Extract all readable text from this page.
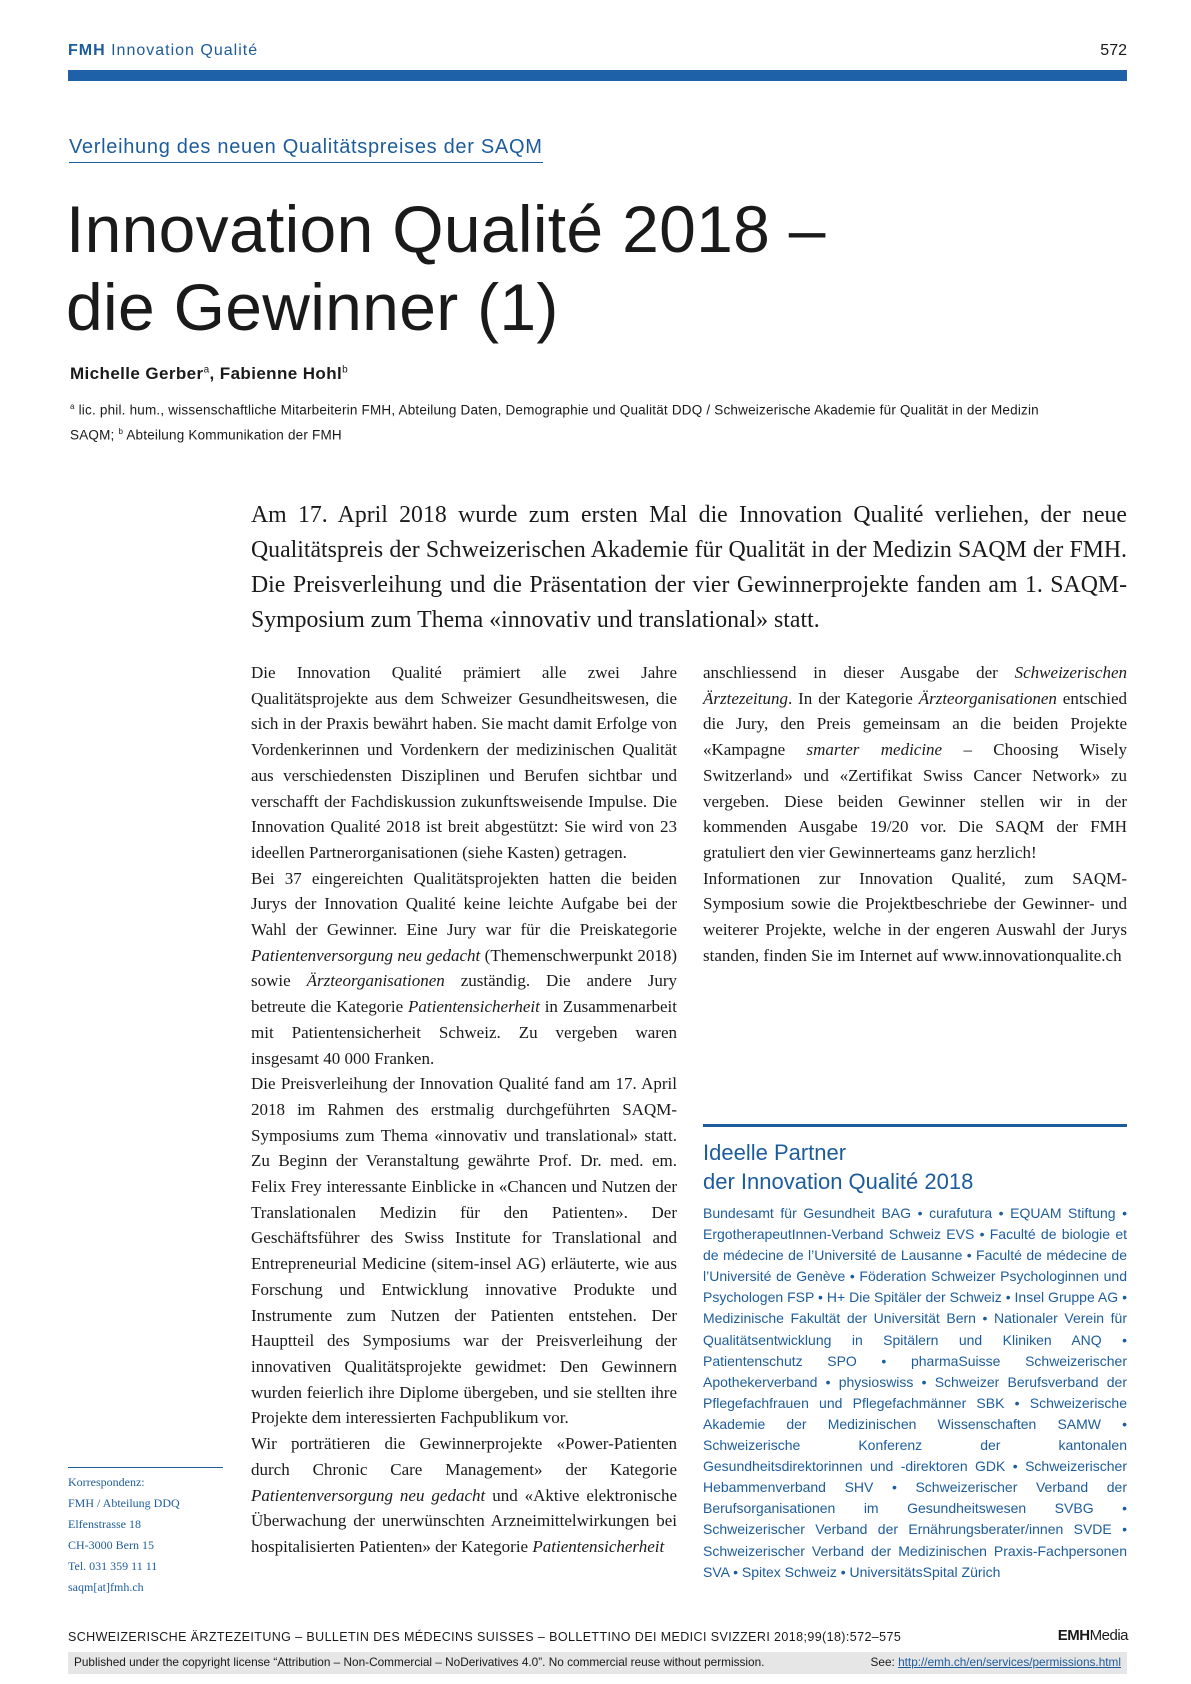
FMH Innovation Qualité	572
Verleihung des neuen Qualitätspreises der SAQM
Innovation Qualité 2018 –
die Gewinner (1)
Michelle Gerber$^a$, Fabienne Hohl$^b$
$^a$ lic. phil. hum., wissenschaftliche Mitarbeiterin FMH, Abteilung Daten, Demographie und Qualität DDQ / Schweizerische Akademie für Qualität in der Medizin SAQM; $^b$ Abteilung Kommunikation der FMH

Am 17. April 2018 wurde zum ersten Mal die Innovation Qualité verliehen, der neue Qualitätspreis der Schweizerischen Akademie für Qualität in der Medizin SAQM der FMH. Die Preisverleihung und die Präsentation der vier Gewinnerprojekte fanden am 1. SAQM-Symposium zum Thema «innovativ und translational» statt.

Die Innovation Qualité prämiert alle zwei Jahre Qualitätsprojekte aus dem Schweizer Gesundheitswesen, die sich in der Praxis bewährt haben. Sie macht damit Erfolge von Vordenkerinnen und Vordenkern der medizinischen Qualität aus verschiedensten Disziplinen und Berufen sichtbar und verschafft der Fachdiskussion zukunftsweisende Impulse. Die Innovation Qualité 2018 ist breit abgestützt: Sie wird von 23 ideellen Partnerorganisationen (siehe Kasten) getragen.

Bei 37 eingereichten Qualitätsprojekten hatten die beiden Jurys der Innovation Qualité keine leichte Aufgabe bei der Wahl der Gewinner. Eine Jury war für die Preiskategorie Patientenversorgung neu gedacht (Themenschwerpunkt 2018) sowie Ärzteorganisationen zuständig. Die andere Jury betreute die Kategorie Patientensicherheit in Zusammenarbeit mit Patientensicherheit Schweiz. Zu vergeben waren insgesamt 40 000 Franken.

Die Preisverleihung der Innovation Qualité fand am 17. April 2018 im Rahmen des erstmalig durchgeführten SAQM-Symposiums zum Thema «innovativ und translational» statt. Zu Beginn der Veranstaltung gewährte Prof. Dr. med. em. Felix Frey interessante Einblicke in «Chancen und Nutzen der Translationalen Medizin für den Patienten». Der Geschäftsführer des Swiss Institute for Translational and Entrepreneurial Medicine (sitem-insel AG) erläuterte, wie aus Forschung und Entwicklung innovative Produkte und Instrumente zum Nutzen der Patienten entstehen. Der Hauptteil des Symposiums war der Preisverleihung der innovativen Qualitätsprojekte gewidmet: Den Gewinnern wurden feierlich ihre Diplome übergeben, und sie stellten ihre Projekte dem interessierten Fachpublikum vor.

Wir porträtieren die Gewinnerprojekte «Power-Patienten durch Chronic Care Management» der Kategorie Patientenversorgung neu gedacht und «Aktive elektronische Überwachung der unerwünschten Arzneimittelwirkungen bei hospitalisierten Patienten» der Kategorie Patientensicherheit

anschliessend in dieser Ausgabe der Schweizerischen Ärztezeitung. In der Kategorie Ärzteorganisationen entschied die Jury, den Preis gemeinsam an die beiden Projekte «Kampagne smarter medicine – Choosing Wisely Switzerland» und «Zertifikat Swiss Cancer Network» zu vergeben. Diese beiden Gewinner stellen wir in der kommenden Ausgabe 19/20 vor. Die SAQM der FMH gratuliert den vier Gewinnerteams ganz herzlich!

Informationen zur Innovation Qualité, zum SAQM-Symposium sowie die Projektbeschriebe der Gewinner- und weiterer Projekte, welche in der engeren Auswahl der Jurys standen, finden Sie im Internet auf www.innovationqualite.ch

Korrespondenz:
FMH / Abteilung DDQ
Elfenstrasse 18
CH-3000 Bern 15
Tel. 031 359 11 11
saqm[at]fmh.ch
Ideelle Partner
der Innovation Qualité 2018
Bundesamt für Gesundheit BAG • curafutura • EQUAM Stiftung • ErgotherapeutInnen-Verband Schweiz EVS • Faculté de biologie et de médecine de l’Université de Lausanne • Faculté de médecine de l’Université de Genève • Föderation Schweizer Psychologinnen und Psychologen FSP • H+ Die Spitäler der Schweiz • Insel Gruppe AG • Medizinische Fakultät der Universität Bern • Nationaler Verein für Qualitätsentwicklung in Spitälern und Kliniken ANQ • Patientenschutz SPO • pharmaSuisse Schweizerischer Apothekerverband • physioswiss • Schweizer Berufsverband der Pflegefachfrauen und Pflegefachmänner SBK • Schweizerische Akademie der Medizinischen Wissenschaften SAMW • Schweizerische Konferenz der kantonalen Gesundheitsdirektorinnen und -direktoren GDK • Schweizerischer Hebammenverband SHV • Schweizerischer Verband der Berufsorganisationen im Gesundheitswesen SVBG • Schweizerischer Verband der Ernährungsberater/innen SVDE • Schweizerischer Verband der Medizinischen Praxis-Fachpersonen SVA • Spitex Schweiz • UniversitätsSpital Zürich
SCHWEIZERISCHE ÄRZTEZEITUNG – BULLETIN DES MÉDECINS SUISSES – BOLLETTINO DEI MEDICI SVIZZERI 2018;99(18):572–575	EMHMedia
Published under the copyright license “Attribution – Non-Commercial – NoDerivatives 4.0”. No commercial reuse without permission.	See: http://emh.ch/en/services/permissions.html
